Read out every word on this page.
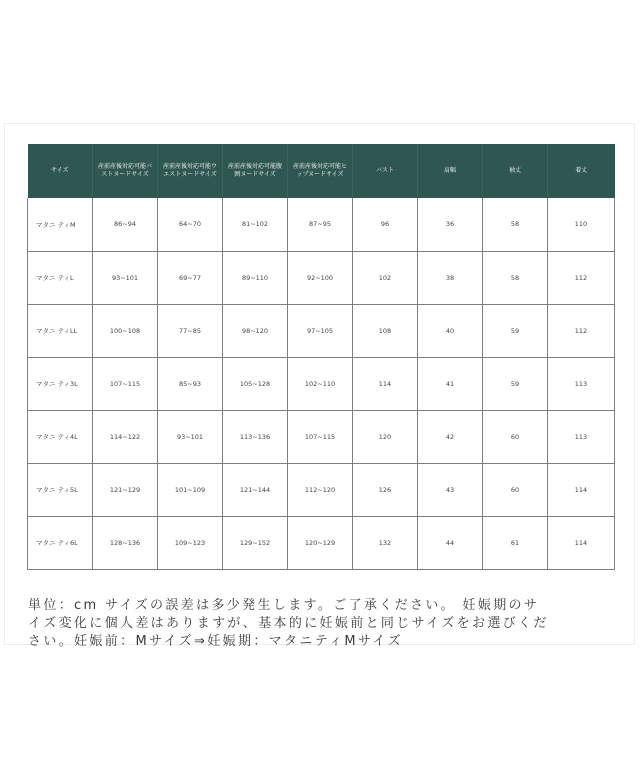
サイズ	産前産後対応可能バストヌードサイズ	産前産後対応可能ウエストヌードサイズ	産前産後対応可能腹囲ヌードサイズ	産前産後対応可能ヒップヌードサイズ	バスト	肩幅	袖丈	着丈
マタニ ティM	86~94	64~70	81~102	87~95	96	36	58	110
マタニ ティL	93~101	69~77	89~110	92~100	102	38	58	112
マタニ ティLL	100~108	77~85	98~120	97~105	108	40	59	112
マタニ ティ3L	107~115	85~93	105~128	102~110	114	41	59	113
マタニ ティ4L	114~122	93~101	113~136	107~115	120	42	60	113
マタニ ティ5L	121~129	101~109	121~144	112~120	126	43	60	114
マタニ ティ6L	128~136	109~123	129~152	120~129	132	44	61	114

単位：cm サイズの誤差は多少発生します。ご了承ください。 妊娠期のサ
イズ変化に個人差はありますが、基本的に妊娠前と同じサイズをお選びくだ
さい。妊娠前：Mサイズ⇒妊娠期：マタニティMサイズ
